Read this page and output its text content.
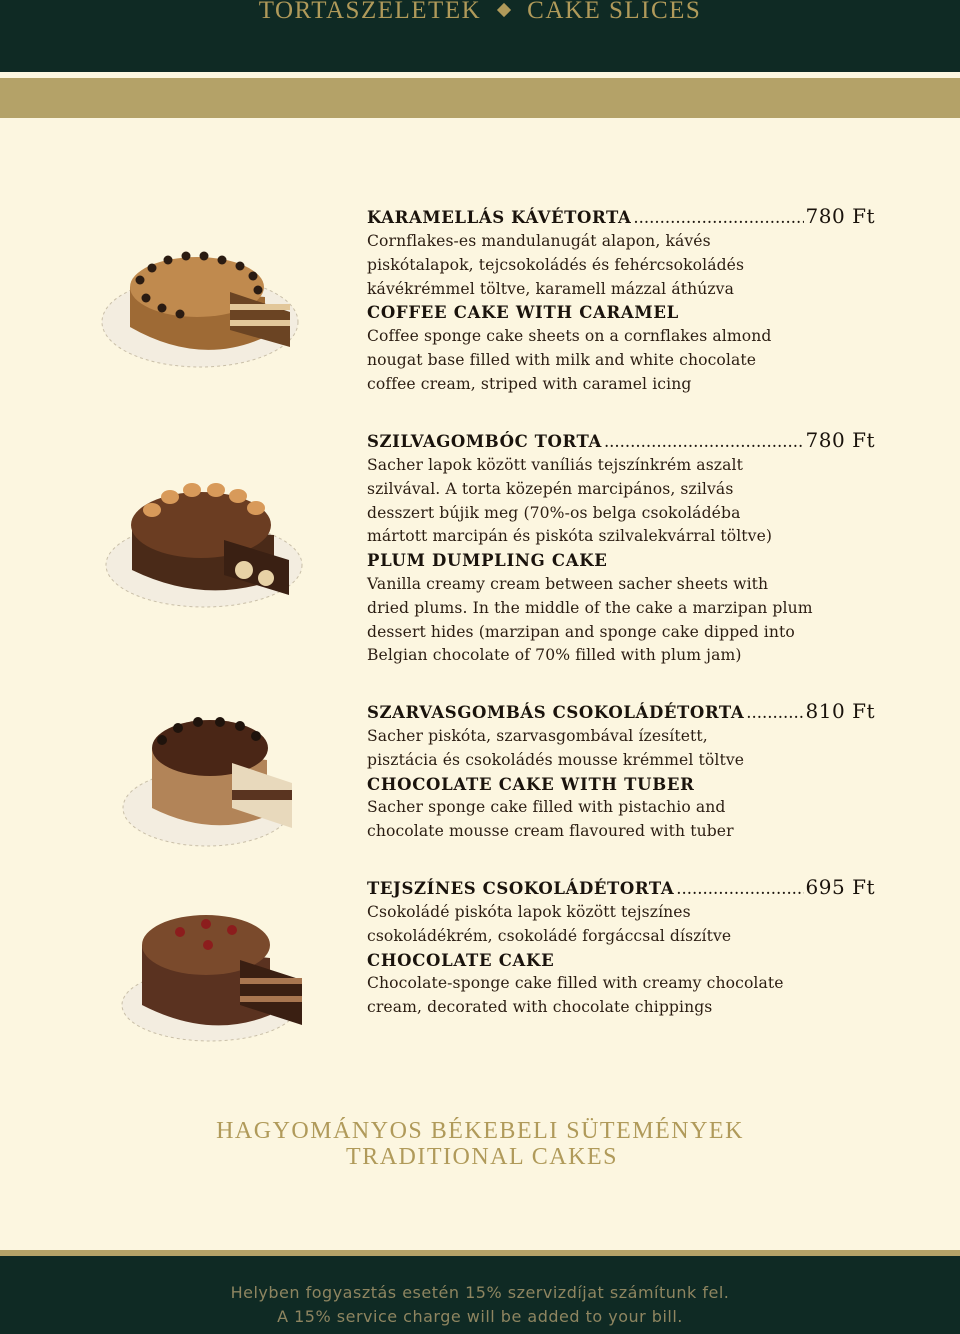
TORTASZELETEK CAKE SLICES
KARAMELLÁS KÁVÉTORTA .....	780 Ft

Cornflakes-es mandulanugát alapon, kávés
piskótalapok, tejcsokoládés és fehércsokoládés
kávékrémmel töltve, karamell mázzal áthúzva

COFFEE CAKE WITH CARAMEL

Coffee sponge cake sheets on a cornflakes almond
nougat base filled with milk and white chocolate
coffee cream, striped with caramel icing

SZILVAGOMBÓC TORTA .....	780 Ft

Sacher lapok között vaníliás tejszínkrém aszalt
szilvával. A torta közepén marcipános, szilvás
desszert bújik meg (70%-os belga csokoládéba
mártott marcipán és piskóta szilvalekvárral töltve)

PLUM DUMPLING CAKE

Vanilla creamy cream between sacher sheets with
dried plums. In the middle of the cake a marzipan plum
dessert hides (marzipan and sponge cake dipped into
Belgian chocolate of 70% filled with plum jam)

SZARVASGOMBÁS CSOKOLÁDÉTORTA .....	810 Ft

Sacher piskóta, szarvasgombával ízesített,
pisztácia és csokoládés mousse krémmel töltve

CHOCOLATE CAKE WITH TUBER

Sacher sponge cake filled with pistachio and
chocolate mousse cream flavoured with tuber

TEJSZÍNES CSOKOLÁDÉTORTA .....	695 Ft

Csokoládé piskóta lapok között tejszínes
csokoládékrém, csokoládé forgáccsal díszítve

CHOCOLATE CAKE

Chocolate-sponge cake filled with creamy chocolate
cream, decorated with chocolate chippings

HAGYOMÁNYOS BÉKEBELI SÜTEMÉNYEK
TRADITIONAL CAKES
Helyben fogyasztás esetén 15% szervizdíjat számítunk fel.
A 15% service charge will be added to your bill.
